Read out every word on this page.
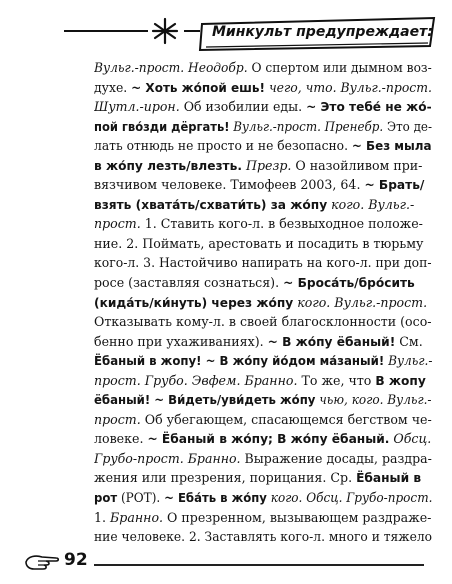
Минкульт предупреждает:
Вульг.-прост. Неодобр. О спертом или дымном воз-
духе. ~ Хоть жо́пой ешь! чего, что. Вульг.-прост.
Шутл.-ирон. Об изобилии еды. ~ Это тебе́ не жо́-
пой гво́зди дёргать! Вульг.-прост. Пренебр. Это де-
лать отнюдь не просто и не безопасно. ~ Без мыла
в жо́пу лезть/влезть. Презр. О назойливом при-
вязчивом человеке. Тимофеев 2003, 64. ~ Брать/
взять (хвата́ть/схвати́ть) за жо́пу кого. Вульг.-
прост. 1. Ставить кого-л. в безвыходное положе-
ние. 2. Поймать, арестовать и посадить в тюрьму
кого-л. 3. Настойчиво напирать на кого-л. при доп-
росе (заставляя сознаться). ~ Броса́ть/бро́сить
(кида́ть/ки́нуть) через жо́пу кого. Вульг.-прост.
Отказывать кому-л. в своей благосклонности (осо-
бенно при ухаживаниях). ~ В жо́пу ёбаный! См.
Ёбаный в жопу! ~ В жо́пу йо́дом ма́заный! Вульг.-
прост. Грубо. Эвфем. Бранно. То же, что В жопу
ёбаный! ~ Ви́деть/уви́деть жо́пу чью, кого. Вульг.-
прост. Об убегающем, спасающемся бегством че-
ловеке. ~ Ёбаный в жо́пу; В жо́пу ёбаный. Обсц.
Грубо-прост. Бранно. Выражение досады, раздра-
жения или презрения, порицания. Ср. Ёбаный в
рот (РОТ). ~ Еба́ть в жо́пу кого. Обсц. Грубо-прост.
1. Бранно. О презренном, вызывающем раздраже-
ние человеке. 2. Заставлять кого-л. много и тяжело
92
